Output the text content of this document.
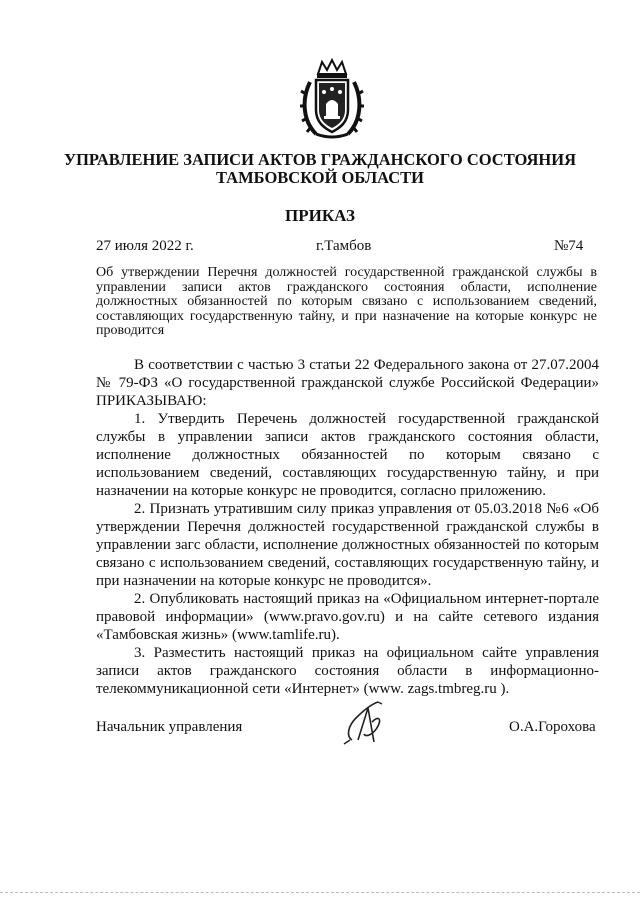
УПРАВЛЕНИЕ ЗАПИСИ АКТОВ ГРАЖДАНСКОГО СОСТОЯНИЯ ТАМБОВСКОЙ ОБЛАСТИ
ПРИКАЗ
27 июля 2022 г.	г.Тамбов	№74
Об утверждении Перечня должностей государственной гражданской службы в управлении записи актов гражданского состояния области, исполнение должностных обязанностей по которым связано с использованием сведений, составляющих государственную тайну, и при назначение на которые конкурс не проводится

В соответствии с частью 3 статьи 22 Федерального закона от 27.07.2004 № 79-ФЗ «О государственной гражданской службе Российской Федерации» ПРИКАЗЫВАЮ:

1. Утвердить Перечень должностей государственной гражданской службы в управлении записи актов гражданского состояния области, исполнение должностных обязанностей по которым связано с использованием сведений, составляющих государственную тайну, и при назначении на которые конкурс не проводится, согласно приложению.

2. Признать утратившим силу приказ управления от 05.03.2018 №6 «Об утверждении Перечня должностей государственной гражданской службы в управлении загс области, исполнение должностных обязанностей по которым связано с использованием сведений, составляющих государственную тайну, и при назначении на которые конкурс не проводится».

2. Опубликовать настоящий приказ на «Официальном интернет-портале правовой информации» (www.pravo.gov.ru) и на сайте сетевого издания «Тамбовская жизнь» (www.tamlife.ru).

3. Разместить настоящий приказ на официальном сайте управления записи актов гражданского состояния области в информационно-телекоммуникационной сети «Интернет» (www. zags.tmbreg.ru ).

Начальник управления	О.А.Горохова
